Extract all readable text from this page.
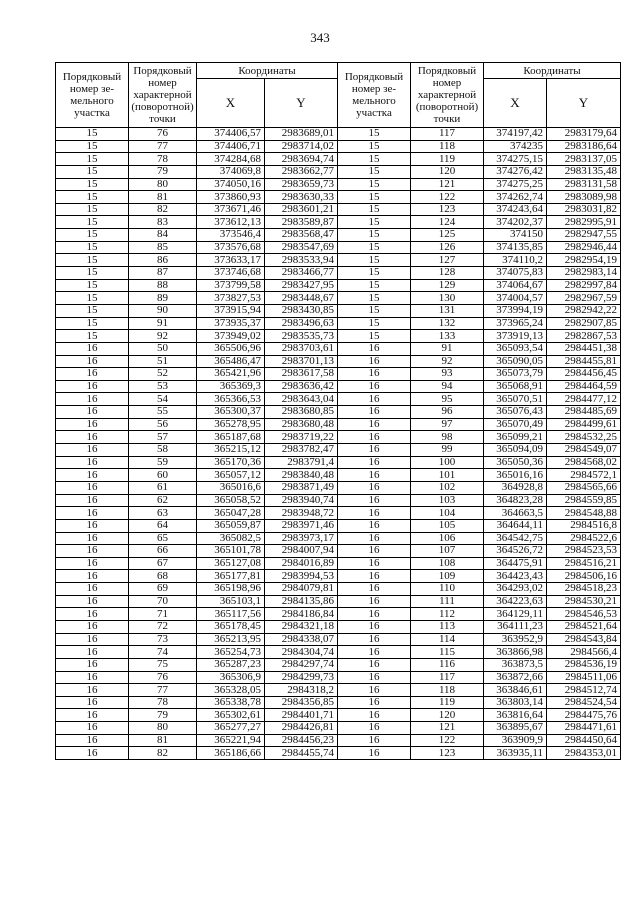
343
Порядковый номер зе-мельного участка	Порядковый номер характерной (поворотной) точки	Координаты		Порядковый номер зе-мельного участка	Порядковый номер характерной (поворотной) точки	Координаты	
		X	Y			X	Y
15	76	374406,57	2983689,01	15	117	374197,42	2983179,64
15	77	374406,71	2983714,02	15	118	374235	2983186,64
15	78	374284,68	2983694,74	15	119	374275,15	2983137,05
15	79	374069,8	2983662,77	15	120	374276,42	2983135,48
15	80	374050,16	2983659,73	15	121	374275,25	2983131,58
15	81	373860,93	2983630,33	15	122	374262,74	2983089,98
15	82	373671,46	2983601,21	15	123	374243,64	2983031,82
15	83	373612,13	2983589,87	15	124	374202,37	2982995,91
15	84	373546,4	2983568,47	15	125	374150	2982947,55
15	85	373576,68	2983547,69	15	126	374135,85	2982946,44
15	86	373633,17	2983533,94	15	127	374110,2	2982954,19
15	87	373746,68	2983466,77	15	128	374075,83	2982983,14
15	88	373799,58	2983427,95	15	129	374064,67	2982997,84
15	89	373827,53	2983448,67	15	130	374004,57	2982967,59
15	90	373915,94	2983430,85	15	131	373994,19	2982942,22
15	91	373935,37	2983496,63	15	132	373965,24	2982907,85
15	92	373949,02	2983535,73	15	133	373919,13	2982867,53
16	50	365506,96	2983703,61	16	91	365093,54	2984451,38
16	51	365486,47	2983701,13	16	92	365090,05	2984455,81
16	52	365421,96	2983617,58	16	93	365073,79	2984456,45
16	53	365369,3	2983636,42	16	94	365068,91	2984464,59
16	54	365366,53	2983643,04	16	95	365070,51	2984477,12
16	55	365300,37	2983680,85	16	96	365076,43	2984485,69
16	56	365278,95	2983680,48	16	97	365070,49	2984499,61
16	57	365187,68	2983719,22	16	98	365099,21	2984532,25
16	58	365215,12	2983782,47	16	99	365094,09	2984549,07
16	59	365170,36	2983791,4	16	100	365050,36	2984568,02
16	60	365057,12	2983840,48	16	101	365016,16	2984572,1
16	61	365016,6	2983871,49	16	102	364928,8	2984565,66
16	62	365058,52	2983940,74	16	103	364823,28	2984559,85
16	63	365047,28	2983948,72	16	104	364663,5	2984548,88
16	64	365059,87	2983971,46	16	105	364644,11	2984516,8
16	65	365082,5	2983973,17	16	106	364542,75	2984522,6
16	66	365101,78	2984007,94	16	107	364526,72	2984523,53
16	67	365127,08	2984016,89	16	108	364475,91	2984516,21
16	68	365177,81	2983994,53	16	109	364423,43	2984506,16
16	69	365198,96	2984079,81	16	110	364293,02	2984518,23
16	70	365103,1	2984135,86	16	111	364223,63	2984530,21
16	71	365117,56	2984186,84	16	112	364129,11	2984546,53
16	72	365178,45	2984321,18	16	113	364111,23	2984521,64
16	73	365213,95	2984338,07	16	114	363952,9	2984543,84
16	74	365254,73	2984304,74	16	115	363866,98	2984566,4
16	75	365287,23	2984297,74	16	116	363873,5	2984536,19
16	76	365306,9	2984299,73	16	117	363872,66	2984511,06
16	77	365328,05	2984318,2	16	118	363846,61	2984512,74
16	78	365338,78	2984356,85	16	119	363803,14	2984524,54
16	79	365302,61	2984401,71	16	120	363816,64	2984475,76
16	80	365277,27	2984426,81	16	121	363895,67	2984471,61
16	81	365221,94	2984456,23	16	122	363909,9	2984450,64
16	82	365186,66	2984455,74	16	123	363935,11	2984353,01
